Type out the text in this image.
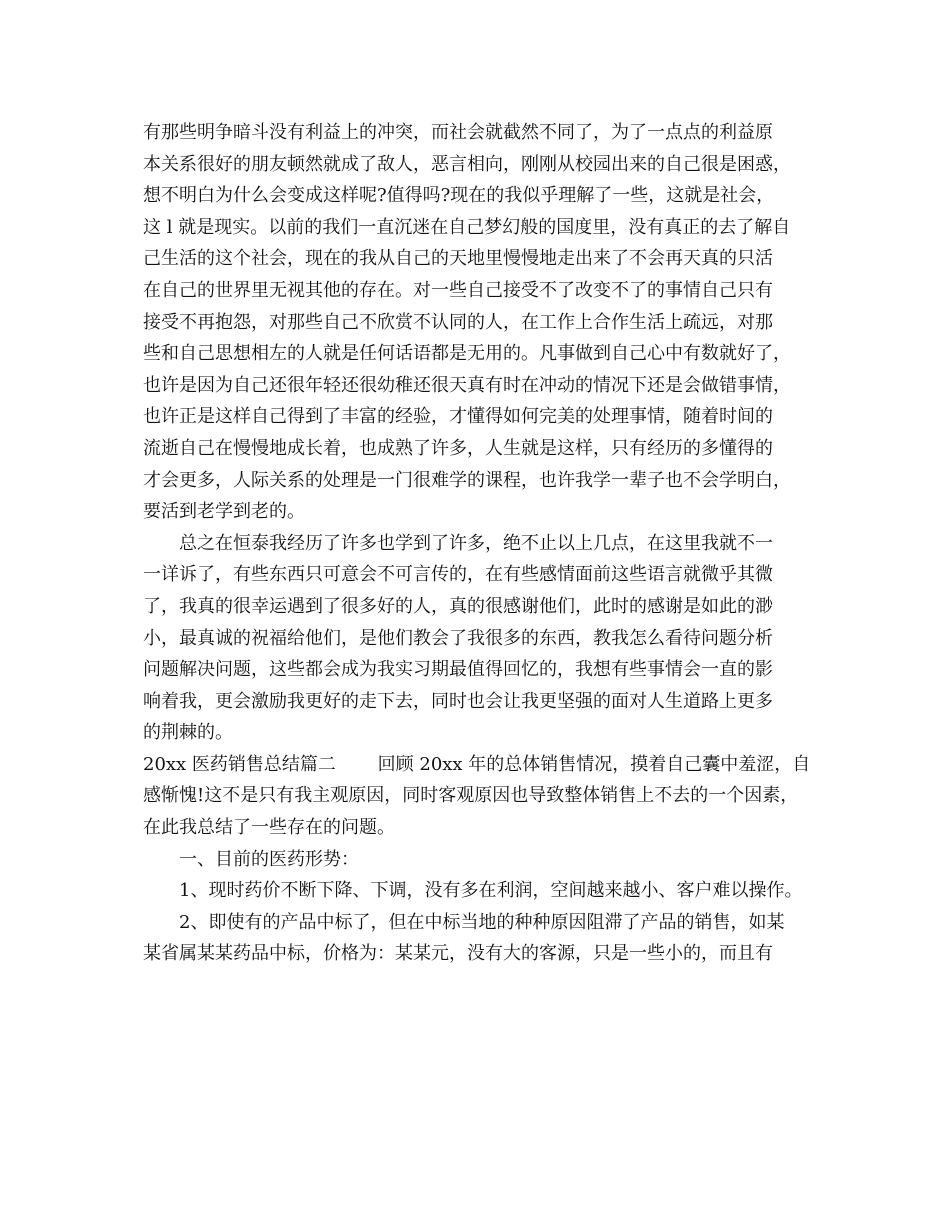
有那些明争暗斗没有利益上的冲突，而社会就截然不同了，为了一点点的利益原
本关系很好的朋友顿然就成了敌人，恶言相向，刚刚从校园出来的自己很是困惑，
想不明白为什么会变成这样呢?值得吗?现在的我似乎理解了一些，这就是社会，
这 l 就是现实。以前的我们一直沉迷在自己梦幻般的国度里，没有真正的去了解自
己生活的这个社会，现在的我从自己的天地里慢慢地走出来了不会再天真的只活
在自己的世界里无视其他的存在。对一些自己接受不了改变不了的事情自己只有
接受不再抱怨，对那些自己不欣赏不认同的人，在工作上合作生活上疏远，对那
些和自己思想相左的人就是任何话语都是无用的。凡事做到自己心中有数就好了，
也许是因为自己还很年轻还很幼稚还很天真有时在冲动的情况下还是会做错事情，
也许正是这样自己得到了丰富的经验，才懂得如何完美的处理事情，随着时间的
流逝自己在慢慢地成长着，也成熟了许多，人生就是这样，只有经历的多懂得的
才会更多，人际关系的处理是一门很难学的课程，也许我学一辈子也不会学明白，
要活到老学到老的。
　　总之在恒泰我经历了许多也学到了许多，绝不止以上几点，在这里我就不一
一详诉了，有些东西只可意会不可言传的，在有些感情面前这些语言就微乎其微
了，我真的很幸运遇到了很多好的人，真的很感谢他们，此时的感谢是如此的渺
小，最真诚的祝福给他们，是他们教会了我很多的东西，教我怎么看待问题分析
问题解决问题，这些都会成为我实习期最值得回忆的，我想有些事情会一直的影
响着我，更会激励我更好的走下去，同时也会让我更坚强的面对人生道路上更多
的荆棘的。
20xx 医药销售总结篇二　　 回顾 20xx 年的总体销售情况，摸着自己囊中羞涩，自
感惭愧!这不是只有我主观原因，同时客观原因也导致整体销售上不去的一个因素，
在此我总结了一些存在的问题。
　　一、目前的医药形势：
　　1、现时药价不断下降、下调，没有多在利润，空间越来越小、客户难以操作。
　　2、即使有的产品中标了，但在中标当地的种种原因阻滞了产品的销售，如某
某省属某某药品中标，价格为：某某元，没有大的客源，只是一些小的，而且有
